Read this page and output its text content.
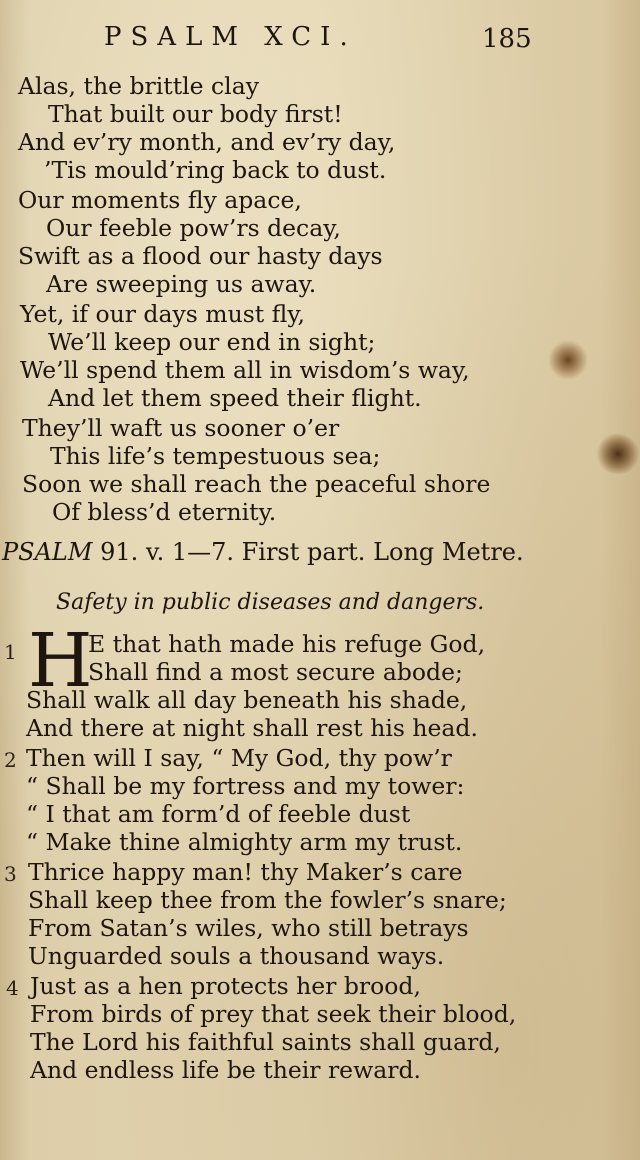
PSALM XCI.	185
Alas, the brittle clay
That built our body first!
And ev’ry month, and ev’ry day,
’Tis mould’ring back to dust.
Our moments fly apace,
Our feeble pow’rs decay,
Swift as a flood our hasty days
Are sweeping us away.
Yet, if our days must fly,
We’ll keep our end in sight;
We’ll spend them all in wisdom’s way,
And let them speed their flight.
They’ll waft us sooner o’er
This life’s tempestuous sea;
Soon we shall reach the peaceful shore
Of bless’d eternity.
PSALM 91. v. 1—7. First part. Long Metre.
Safety in public diseases and dangers.
H
1
2
3
4
E that hath made his refuge God,
Shall find a most secure abode;
Shall walk all day beneath his shade,
And there at night shall rest his head.
Then will I say, “ My God, thy pow’r
“ Shall be my fortress and my tower:
“ I that am form’d of feeble dust
“ Make thine almighty arm my trust.
Thrice happy man! thy Maker’s care
Shall keep thee from the fowler’s snare;
From Satan’s wiles, who still betrays
Unguarded souls a thousand ways.
Just as a hen protects her brood,
From birds of prey that seek their blood,
The Lord his faithful saints shall guard,
And endless life be their reward.
